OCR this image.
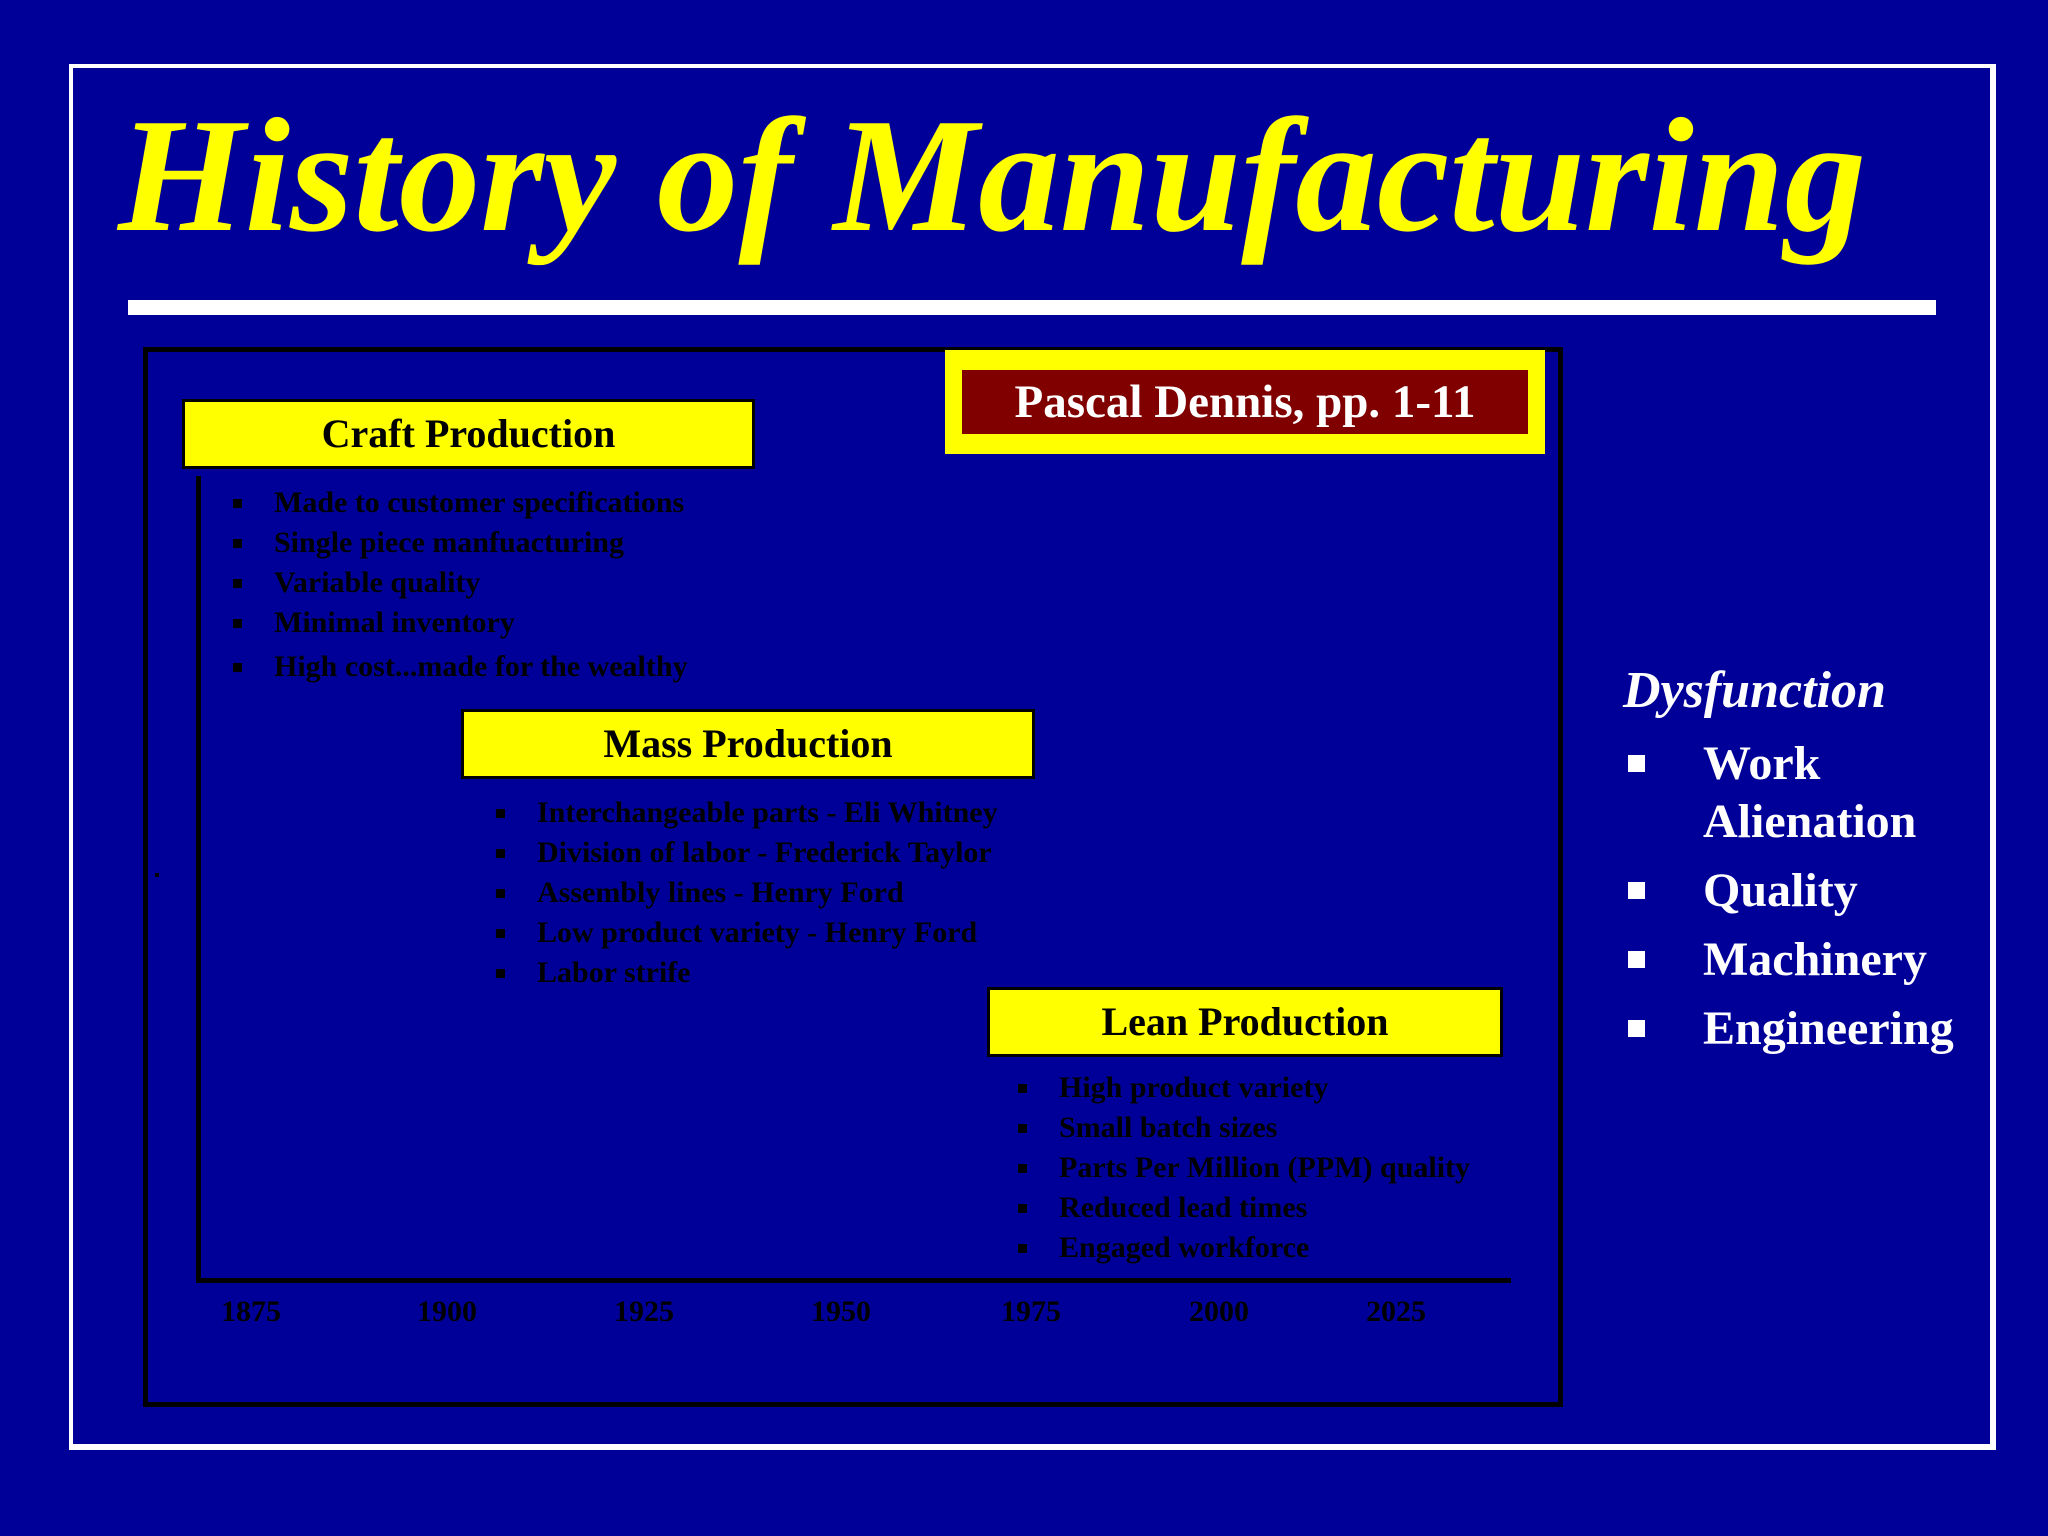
History of Manufacturing
Pascal Dennis, pp. 1-11
Craft Production
Made to customer specifications
Single piece manfuacturing
Variable quality
Minimal inventory
High cost...made for the wealthy
Mass Production
Interchangeable parts - Eli Whitney
Division of labor - Frederick Taylor
Assembly lines - Henry Ford
Low product variety - Henry Ford
Labor strife
Lean Production
High product variety
Small batch sizes
Parts Per Million (PPM) quality
Reduced lead times
Engaged workforce
1875	1900	1925	1950	1975	2000	2025
Dysfunction
Work Alienation
Quality
Machinery
Engineering
